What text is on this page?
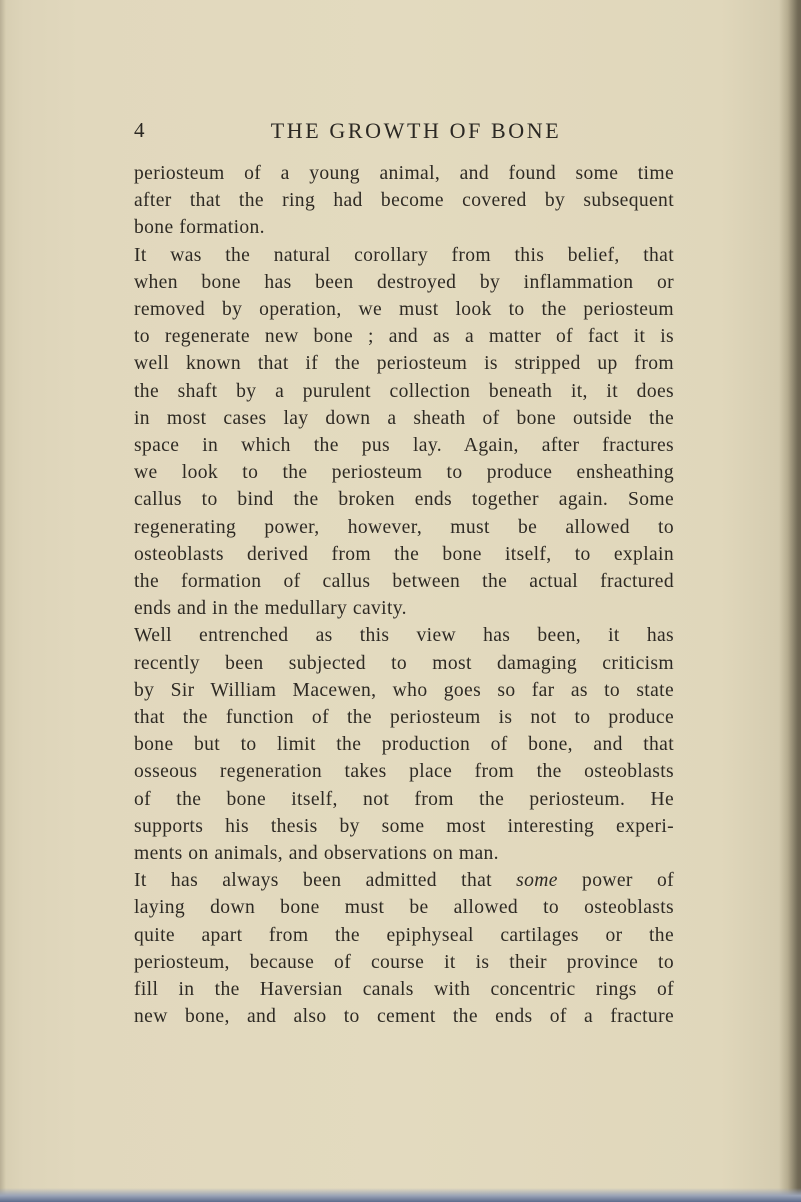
4	THE GROWTH OF BONE
periosteum of a young animal, and found some time
after that the ring had become covered by subsequent
bone formation.
It was the natural corollary from this belief, that
when bone has been destroyed by inflammation or
removed by operation, we must look to the periosteum
to regenerate new bone ; and as a matter of fact it is
well known that if the periosteum is stripped up from
the shaft by a purulent collection beneath it, it does
in most cases lay down a sheath of bone outside the
space in which the pus lay. Again, after fractures
we look to the periosteum to produce ensheathing
callus to bind the broken ends together again. Some
regenerating power, however, must be allowed to
osteoblasts derived from the bone itself, to explain
the formation of callus between the actual fractured
ends and in the medullary cavity.
Well entrenched as this view has been, it has
recently been subjected to most damaging criticism
by Sir William Macewen, who goes so far as to state
that the function of the periosteum is not to produce
bone but to limit the production of bone, and that
osseous regeneration takes place from the osteoblasts
of the bone itself, not from the periosteum. He
supports his thesis by some most interesting experi-
ments on animals, and observations on man.
It has always been admitted that some power of
laying down bone must be allowed to osteoblasts
quite apart from the epiphyseal cartilages or the
periosteum, because of course it is their province to
fill in the Haversian canals with concentric rings of
new bone, and also to cement the ends of a fracture
